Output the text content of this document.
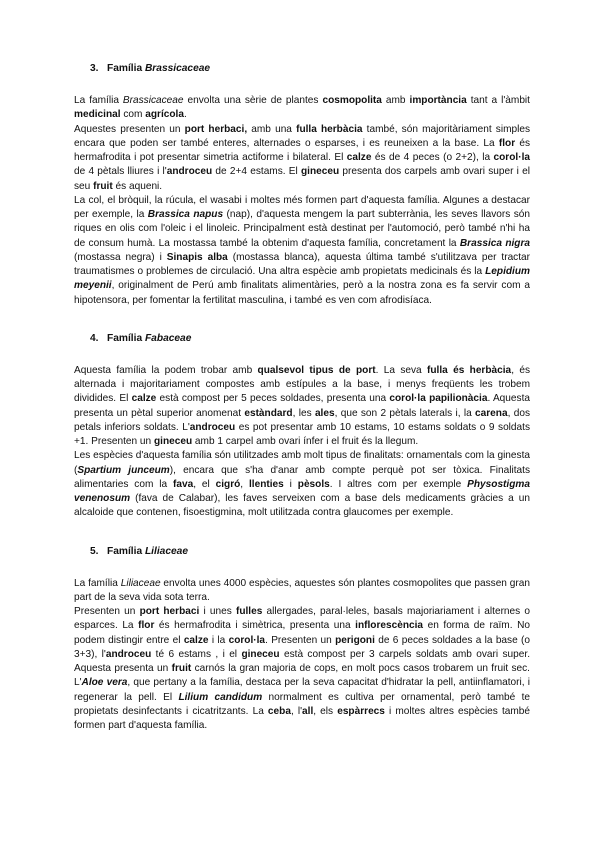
3. Família Brassicaceae

La família Brassicaceae envolta una sèrie de plantes cosmopolita amb importància tant a l'àmbit medicinal com agrícola.

Aquestes presenten un port herbaci, amb una fulla herbàcia també, són majoritàriament simples encara que poden ser també enteres, alternades o esparses, i es reuneixen a la base. La flor és hermafrodita i pot presentar simetria actiforme i bilateral. El calze és de 4 peces (o 2+2), la corol·la de 4 pètals lliures i l'androceu de 2+4 estams. El gineceu presenta dos carpels amb ovari super i el seu fruit és aqueni.

La col, el bròquil, la rúcula, el wasabi i moltes més formen part d'aquesta família. Algunes a destacar per exemple, la Brassica napus (nap), d'aquesta mengem la part subterrània, les seves llavors són riques en olis com l'oleic i el linoleic. Principalment està destinat per l'automoció, però també n'hi ha de consum humà. La mostassa també la obtenim d'aquesta família, concretament la Brassica nigra (mostassa negra) i Sinapis alba (mostassa blanca), aquesta última també s'utilitzava per tractar traumatismes o problemes de circulació. Una altra espècie amb propietats medicinals és la Lepidium meyenii, originalment de Perú amb finalitats alimentàries, però a la nostra zona es fa servir com a hipotensora, per fomentar la fertilitat masculina, i també es ven com afrodisíaca.

4. Família Fabaceae

Aquesta família la podem trobar amb qualsevol tipus de port. La seva fulla és herbàcia, és alternada i majoritariament compostes amb estípules a la base, i menys freqüents les trobem dividides. El calze està compost per 5 peces soldades, presenta una corol·la papilionàcia. Aquesta presenta un pètal superior anomenat estàndard, les ales, que son 2 pètals laterals i, la carena, dos petals inferiors soldats. L'androceu es pot presentar amb 10 estams, 10 estams soldats o 9 soldats +1. Presenten un gineceu amb 1 carpel amb ovari ínfer i el fruit és la llegum.

Les espècies d'aquesta família són utilitzades amb molt tipus de finalitats: ornamentals com la ginesta (Spartium junceum), encara que s'ha d'anar amb compte perquè pot ser tòxica. Finalitats alimentaries com la fava, el cigró, llenties i pèsols. I altres com per exemple Physostigma venenosum (fava de Calabar), les faves serveixen com a base dels medicaments gràcies a un alcaloide que contenen, fisoestigmina, molt utilitzada contra glaucomes per exemple.

5. Família Liliaceae

La família Liliaceae envolta unes 4000 espècies, aquestes són plantes cosmopolites que passen gran part de la seva vida sota terra.

Presenten un port herbaci i unes fulles allergades, paral·leles, basals majoriariament i alternes o esparces. La flor és hermafrodita i simètrica, presenta una inflorescència en forma de raïm. No podem distingir entre el calze i la corol·la. Presenten un perigoni de 6 peces soldades a la base (o 3+3), l'androceu té 6 estams , i el gineceu està compost per 3 carpels soldats amb ovari super. Aquesta presenta un fruit carnós la gran majoria de cops, en molt pocs casos trobarem un fruit sec. L'Aloe vera, que pertany a la família, destaca per la seva capacitat d'hidratar la pell, antiinflamatori, i regenerar la pell. El Lilium candidum normalment es cultiva per ornamental, però també te propietats desinfectants i cicatritzants. La ceba, l'all, els espàrrecs i moltes altres espècies també formen part d'aquesta família.
